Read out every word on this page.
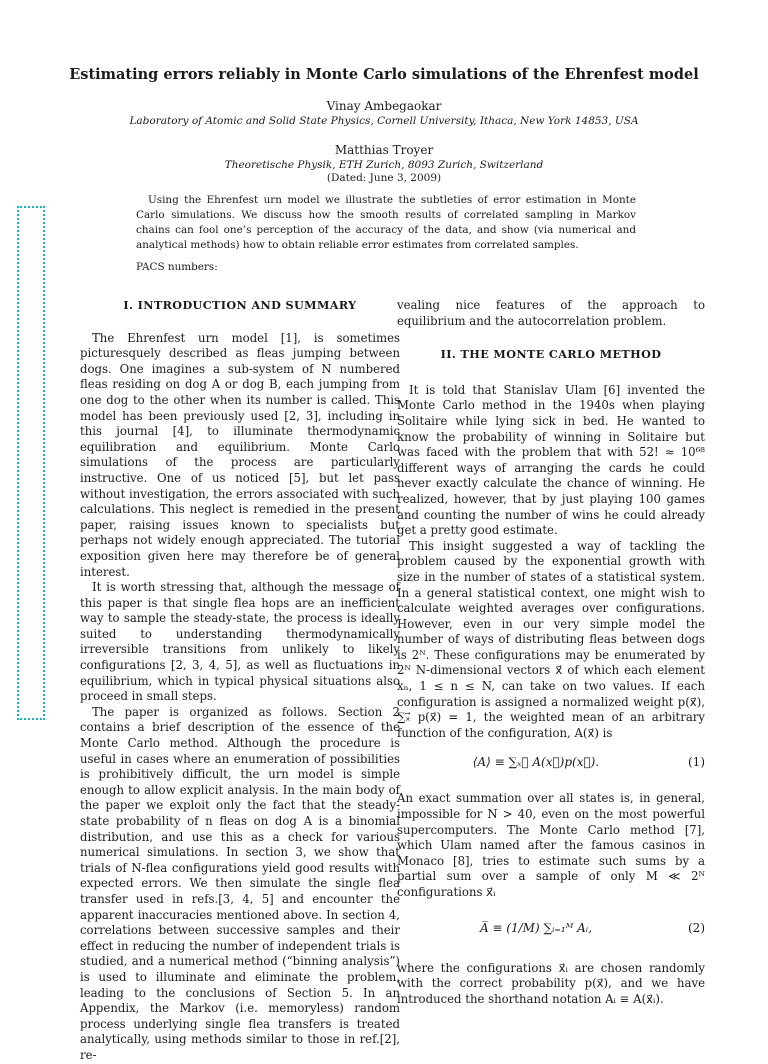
Estimating errors reliably in Monte Carlo simulations of the Ehrenfest model
Vinay Ambegaokar
Laboratory of Atomic and Solid State Physics, Cornell University, Ithaca, New York 14853, USA
Matthias Troyer
Theoretische Physik, ETH Zurich, 8093 Zurich, Switzerland
(Dated: June 3, 2009)

Using the Ehrenfest urn model we illustrate the subtleties of error estimation in Monte Carlo simulations. We discuss how the smooth results of correlated sampling in Markov chains can fool one’s perception of the accuracy of the data, and show (via numerical and analytical methods) how to obtain reliable error estimates from correlated samples.

PACS numbers:
I. INTRODUCTION AND SUMMARY

The Ehrenfest urn model [1], is sometimes picturesquely described as fleas jumping between dogs. One imagines a sub-system of N numbered fleas residing on dog A or dog B, each jumping from one dog to the other when its number is called. This model has been previously used [2, 3], including in this journal [4], to illuminate thermodynamic equilibration and equilibrium. Monte Carlo simulations of the process are particularly instructive. One of us noticed [5], but let pass without investigation, the errors associated with such calculations. This neglect is remedied in the present paper, raising issues known to specialists but perhaps not widely enough appreciated. The tutorial exposition given here may therefore be of general interest.

It is worth stressing that, although the message of this paper is that single flea hops are an inefficient way to sample the steady-state, the process is ideally suited to understanding thermodynamically irreversible transitions from unlikely to likely configurations [2, 3, 4, 5], as well as fluctuations in equilibrium, which in typical physical situations also proceed in small steps.

The paper is organized as follows. Section 2 contains a brief description of the essence of the Monte Carlo method. Although the procedure is useful in cases where an enumeration of possibilities is prohibitively difficult, the urn model is simple enough to allow explicit analysis. In the main body of the paper we exploit only the fact that the steady-state probability of n fleas on dog A is a binomial distribution, and use this as a check for various numerical simulations. In section 3, we show that trials of N-flea configurations yield good results with expected errors. We then simulate the single flea transfer used in refs.[3, 4, 5] and encounter the apparent inaccuracies mentioned above. In section 4, correlations between successive samples and their effect in reducing the number of independent trials is studied, and a numerical method (“binning analysis”) is used to illuminate and eliminate the problem, leading to the conclusions of Section 5. In an Appendix, the Markov (i.e. memoryless) random process underlying single flea transfers is treated analytically, using methods similar to those in ref.[2], re-

vealing nice features of the approach to equilibrium and the autocorrelation problem.

II. THE MONTE CARLO METHOD

It is told that Stanislav Ulam [6] invented the Monte Carlo method in the 1940s when playing Solitaire while lying sick in bed. He wanted to know the probability of winning in Solitaire but was faced with the problem that with 52! ≈ 10⁶⁸ different ways of arranging the cards he could never exactly calculate the chance of winning. He realized, however, that by just playing 100 games and counting the number of wins he could already get a pretty good estimate.

This insight suggested a way of tackling the problem caused by the exponential growth with size in the number of states of a statistical system. In a general statistical context, one might wish to calculate weighted averages over configurations. However, even in our very simple model the number of ways of distributing fleas between dogs is 2ᴺ. These configurations may be enumerated by 2ᴺ N-dimensional vectors x⃗ of which each element xₙ, 1 ≤ n ≤ N, can take on two values. If each configuration is assigned a normalized weight p(x⃗), ∑ₓ⃗ p(x⃗) = 1, the weighted mean of an arbitrary function of the configuration, A(x⃗) is

⟨A⟩ ≡ ∑ₓ⃗ A(x⃗)p(x⃗).	(1)

An exact summation over all states is, in general, impossible for N > 40, even on the most powerful supercomputers. The Monte Carlo method [7], which Ulam named after the famous casinos in Monaco [8], tries to estimate such sums by a partial sum over a sample of only M ≪ 2ᴺ configurations x⃗ᵢ

A̅ ≡ (1/M) ∑ᵢ₌₁ᴹ Aᵢ,	(2)

where the configurations x⃗ᵢ are chosen randomly with the correct probability p(x⃗), and we have introduced the shorthand notation Aᵢ ≡ A(x⃗ᵢ).
